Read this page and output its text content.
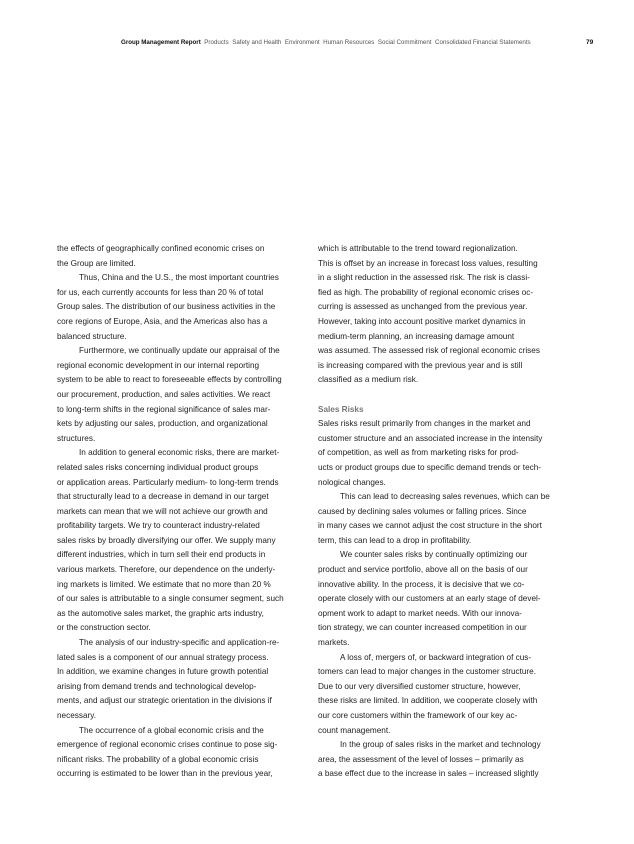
Group Management Report Products Safety and Health Environment Human Resources Social Commitment Consolidated Financial Statements	79
the effects of geographically confined economic crises on
the Group are limited.
Thus, China and the U.S., the most important countries
for us, each currently accounts for less than 20 % of total
Group sales. The distribution of our business activities in the
core regions of Europe, Asia, and the Americas also has a
balanced structure.
Furthermore, we continually update our appraisal of the
regional economic development in our internal reporting
system to be able to react to foreseeable effects by controlling
our procurement, production, and sales activities. We react
to long-term shifts in the regional significance of sales mar-
kets by adjusting our sales, production, and organizational
structures.
In addition to general economic risks, there are market-
related sales risks concerning individual product groups
or application areas. Particularly medium- to long-term trends
that structurally lead to a decrease in demand in our target
markets can mean that we will not achieve our growth and
profitability targets. We try to counteract industry-related
sales risks by broadly diversifying our offer. We supply many
different industries, which in turn sell their end products in
various markets. Therefore, our dependence on the underly-
ing markets is limited. We estimate that no more than 20 %
of our sales is attributable to a single consumer segment, such
as the automotive sales market, the graphic arts industry,
or the construction sector.
The analysis of our industry-specific and application-re-
lated sales is a component of our annual strategy process.
In addition, we examine changes in future growth potential
arising from demand trends and technological develop-
ments, and adjust our strategic orientation in the divisions if
necessary.
The occurrence of a global economic crisis and the
emergence of regional economic crises continue to pose sig-
nificant risks. The probability of a global economic crisis
occurring is estimated to be lower than in the previous year,
which is attributable to the trend toward regionalization.
This is offset by an increase in forecast loss values, resulting
in a slight reduction in the assessed risk. The risk is classi-
fied as high. The probability of regional economic crises oc-
curring is assessed as unchanged from the previous year.
However, taking into account positive market dynamics in
medium-term planning, an increasing damage amount
was assumed. The assessed risk of regional economic crises
is increasing compared with the previous year and is still
classified as a medium risk.
Sales Risks
Sales risks result primarily from changes in the market and
customer structure and an associated increase in the intensity
of competition, as well as from marketing risks for prod-
ucts or product groups due to specific demand trends or tech-
nological changes.
This can lead to decreasing sales revenues, which can be
caused by declining sales volumes or falling prices. Since
in many cases we cannot adjust the cost structure in the short
term, this can lead to a drop in profitability.
We counter sales risks by continually optimizing our
product and service portfolio, above all on the basis of our
innovative ability. In the process, it is decisive that we co-
operate closely with our customers at an early stage of devel-
opment work to adapt to market needs. With our innova-
tion strategy, we can counter increased competition in our
markets.
A loss of, mergers of, or backward integration of cus-
tomers can lead to major changes in the customer structure.
Due to our very diversified customer structure, however,
these risks are limited. In addition, we cooperate closely with
our core customers within the framework of our key ac-
count management.
In the group of sales risks in the market and technology
area, the assessment of the level of losses – primarily as
a base effect due to the increase in sales – increased slightly
